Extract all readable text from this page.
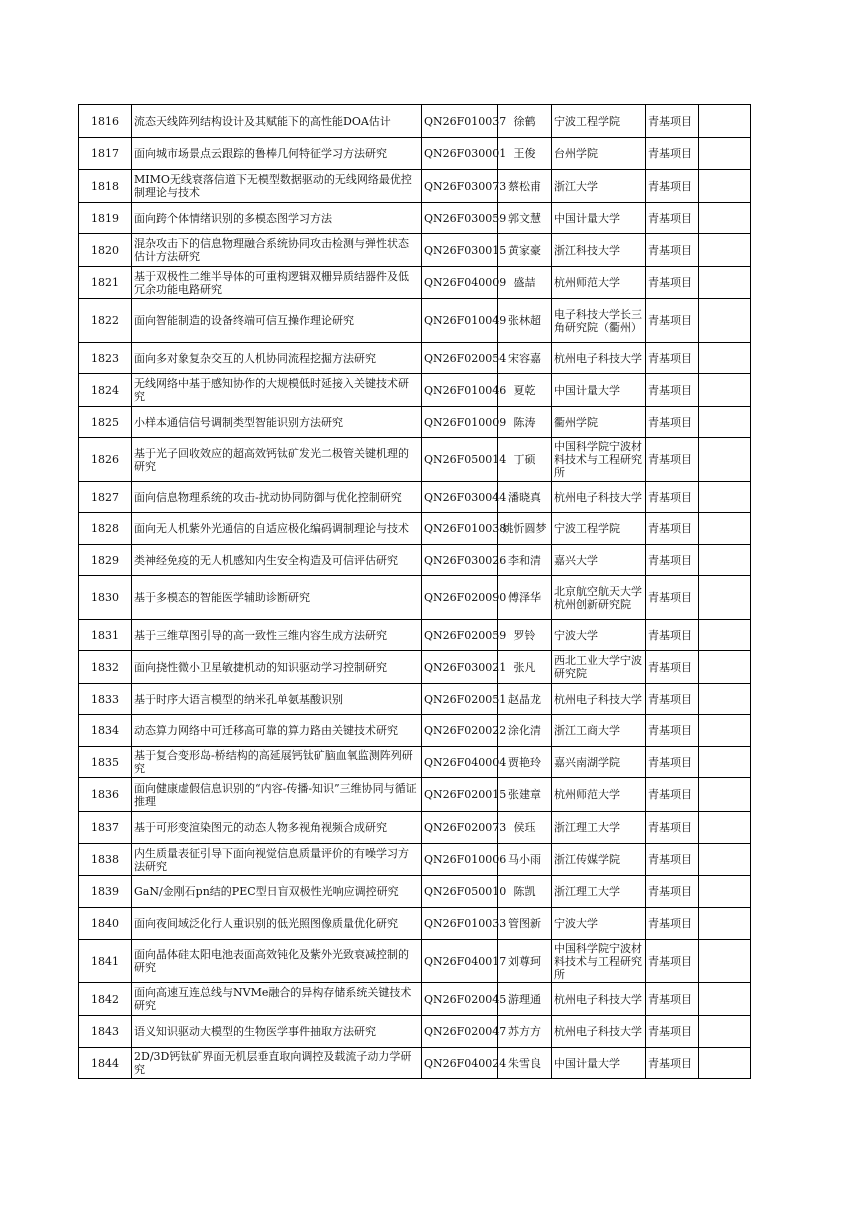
1816	流态天线阵列结构设计及其赋能下的高性能DOA估计	QN26F010037	徐鹤	宁波工程学院	青基项目	
1817	面向城市场景点云跟踪的鲁棒几何特征学习方法研究	QN26F030001	王俊	台州学院	青基项目	
1818	MIMO无线衰落信道下无模型数据驱动的无线网络最优控制理论与技术	QN26F030073	蔡松甫	浙江大学	青基项目	
1819	面向跨个体情绪识别的多模态图学习方法	QN26F030059	郭文慧	中国计量大学	青基项目	
1820	混杂攻击下的信息物理融合系统协同攻击检测与弹性状态估计方法研究	QN26F030015	黄家豪	浙江科技大学	青基项目	
1821	基于双极性二维半导体的可重构逻辑双栅异质结器件及低冗余功能电路研究	QN26F040009	盛喆	杭州师范大学	青基项目	
1822	面向智能制造的设备终端可信互操作理论研究	QN26F010049	张林超	电子科技大学长三角研究院（衢州）	青基项目	
1823	面向多对象复杂交互的人机协同流程挖掘方法研究	QN26F020054	宋容嘉	杭州电子科技大学	青基项目	
1824	无线网络中基于感知协作的大规模低时延接入关键技术研究	QN26F010046	夏乾	中国计量大学	青基项目	
1825	小样本通信信号调制类型智能识别方法研究	QN26F010009	陈涛	衢州学院	青基项目	
1826	基于光子回收效应的超高效钙钛矿发光二极管关键机理的研究	QN26F050014	丁硕	中国科学院宁波材料技术与工程研究所	青基项目	
1827	面向信息物理系统的攻击-扰动协同防御与优化控制研究	QN26F030044	潘晓真	杭州电子科技大学	青基项目	
1828	面向无人机紫外光通信的自适应极化编码调制理论与技术	QN26F010038	姚忻圆梦	宁波工程学院	青基项目	
1829	类神经免疫的无人机感知内生安全构造及可信评估研究	QN26F030026	李和清	嘉兴大学	青基项目	
1830	基于多模态的智能医学辅助诊断研究	QN26F020090	傅泽华	北京航空航天大学杭州创新研究院	青基项目	
1831	基于三维草图引导的高一致性三维内容生成方法研究	QN26F020059	罗铃	宁波大学	青基项目	
1832	面向挠性微小卫星敏捷机动的知识驱动学习控制研究	QN26F030021	张凡	西北工业大学宁波研究院	青基项目	
1833	基于时序大语言模型的纳米孔单氨基酸识别	QN26F020051	赵晶龙	杭州电子科技大学	青基项目	
1834	动态算力网络中可迁移高可靠的算力路由关键技术研究	QN26F020022	涂化清	浙江工商大学	青基项目	
1835	基于复合变形岛-桥结构的高延展钙钛矿脑血氧监测阵列研究	QN26F040004	贾艳玲	嘉兴南湖学院	青基项目	
1836	面向健康虚假信息识别的“内容-传播-知识”三维协同与循证推理	QN26F020015	张建章	杭州师范大学	青基项目	
1837	基于可形变渲染图元的动态人物多视角视频合成研究	QN26F020073	侯珏	浙江理工大学	青基项目	
1838	内生质量表征引导下面向视觉信息质量评价的有噪学习方法研究	QN26F010006	马小雨	浙江传媒学院	青基项目	
1839	GaN/金刚石pn结的PEC型日盲双极性光响应调控研究	QN26F050010	陈凯	浙江理工大学	青基项目	
1840	面向夜间域泛化行人重识别的低光照图像质量优化研究	QN26F010033	管图新	宁波大学	青基项目	
1841	面向晶体硅太阳电池表面高效钝化及紫外光致衰减控制的研究	QN26F040017	刘尊珂	中国科学院宁波材料技术与工程研究所	青基项目	
1842	面向高速互连总线与NVMe融合的异构存储系统关键技术研究	QN26F020045	游理通	杭州电子科技大学	青基项目	
1843	语义知识驱动大模型的生物医学事件抽取方法研究	QN26F020047	苏方方	杭州电子科技大学	青基项目	
1844	2D/3D钙钛矿界面无机层垂直取向调控及载流子动力学研究	QN26F040024	朱雪良	中国计量大学	青基项目	
